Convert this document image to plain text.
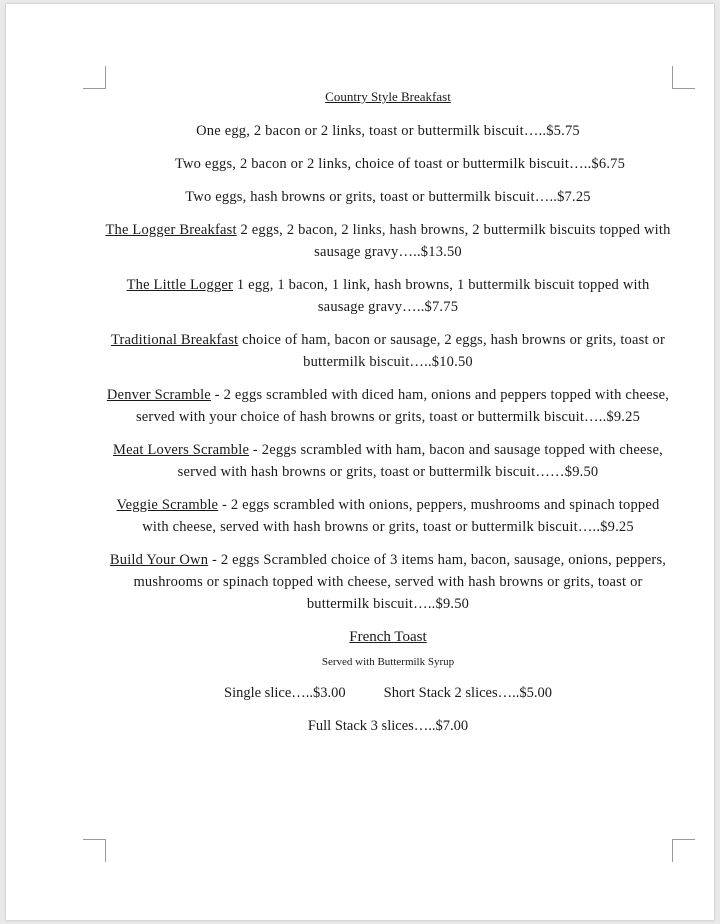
Country Style Breakfast

One egg, 2 bacon or 2 links, toast or buttermilk biscuit…..$5.75

Two eggs, 2 bacon or 2 links, choice of toast or buttermilk biscuit…..$6.75

Two eggs, hash browns or grits, toast or buttermilk biscuit…..$7.25

The Logger Breakfast 2 eggs, 2 bacon, 2 links, hash browns, 2 buttermilk biscuits topped with sausage gravy…..$13.50

The Little Logger 1 egg, 1 bacon, 1 link, hash browns, 1 buttermilk biscuit topped with sausage gravy…..$7.75

Traditional Breakfast choice of ham, bacon or sausage, 2 eggs, hash browns or grits, toast or buttermilk biscuit…..$10.50

Denver Scramble - 2 eggs scrambled with diced ham, onions and peppers topped with cheese, served with your choice of hash browns or grits, toast or buttermilk biscuit…..$9.25

Meat Lovers Scramble - 2eggs scrambled with ham, bacon and sausage topped with cheese, served with hash browns or grits, toast or buttermilk biscuit……$9.50

Veggie Scramble - 2 eggs scrambled with onions, peppers, mushrooms and spinach topped with cheese, served with hash browns or grits, toast or buttermilk biscuit…..$9.25

Build Your Own - 2 eggs Scrambled choice of 3 items ham, bacon, sausage, onions, peppers, mushrooms or spinach topped with cheese, served with hash browns or grits, toast or buttermilk biscuit…..$9.50

French Toast

Served with Buttermilk Syrup

Single slice…..$3.00	Short Stack 2 slices…..$5.00

Full Stack 3 slices…..$7.00
